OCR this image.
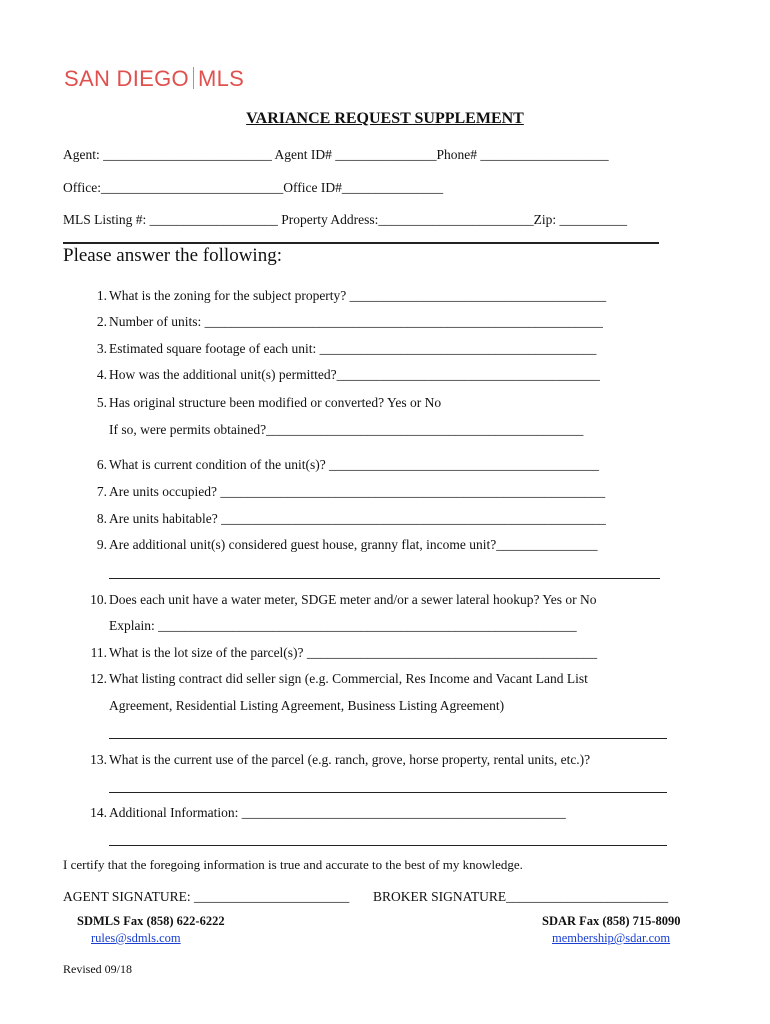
SAN DIEGO MLS
VARIANCE REQUEST SUPPLEMENT
Agent: _________________________ Agent ID# _______________Phone# ___________________
Office:___________________________Office ID#_______________
MLS Listing #: ___________________ Property Address:_______________________Zip: __________
Please answer the following:
1. What is the zoning for the subject property? ______________________________________
2. Number of units: ___________________________________________________________
3. Estimated square footage of each unit: _________________________________________
4. How was the additional unit(s) permitted?_______________________________________
5. Has original structure been modified or converted? Yes or No
If so, were permits obtained?_______________________________________________
6. What is current condition of the unit(s)? ________________________________________
7. Are units occupied? _________________________________________________________
8. Are units habitable? _________________________________________________________
9. Are additional unit(s) considered guest house, granny flat, income unit?_______________
10. Does each unit have a water meter, SDGE meter and/or a sewer lateral hookup? Yes or No
Explain: ______________________________________________________________
11. What is the lot size of the parcel(s)? ___________________________________________
12. What listing contract did seller sign (e.g. Commercial, Res Income and Vacant Land List
Agreement, Residential Listing Agreement, Business Listing Agreement)
13. What is the current use of the parcel (e.g. ranch, grove, horse property, rental units, etc.)?
14. Additional Information: ________________________________________________
I certify that the foregoing information is true and accurate to the best of my knowledge.
AGENT SIGNATURE: _______________________ BROKER SIGNATURE________________________
SDMLS Fax (858) 622-6222
rules@sdmls.com
SDAR Fax (858) 715-8090
membership@sdar.com
Revised 09/18
